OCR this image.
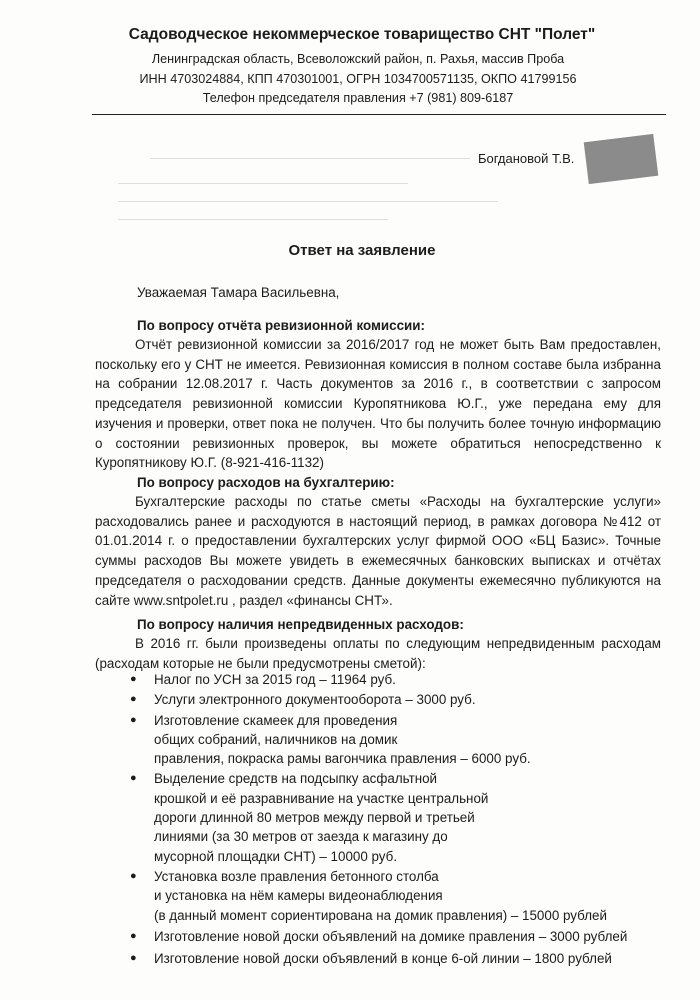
Садоводческое некоммерческое товарищество СНТ "Полет"
Ленинградская область, Всеволожский район, п. Рахья, массив Проба
ИНН 4703024884, КПП 470301001, ОГРН 1034700571135, ОКПО 41799156
Телефон председателя правления +7 (981) 809-6187
Богдановой Т.В.
Ответ на заявление
Уважаемая Тамара Васильевна,
По вопросу отчёта ревизионной комиссии:

Отчёт ревизионной комиссии за 2016/2017 год не может быть Вам предоставлен, поскольку его у СНТ не имеется. Ревизионная комиссия в полном составе была избранна на собрании 12.08.2017 г. Часть документов за 2016 г., в соответствии с запросом председателя ревизионной комиссии Куропятникова Ю.Г., уже передана ему для изучения и проверки, ответ пока не получен. Что бы получить более точную информацию о состоянии ревизионных проверок, вы можете обратиться непосредственно к Куропятникову Ю.Г. (8-921-416-1132)

По вопросу расходов на бухгалтерию:

Бухгалтерские расходы по статье сметы «Расходы на бухгалтерские услуги» расходовались ранее и расходуются в настоящий период, в рамках договора №412 от 01.01.2014 г. о предоставлении бухгалтерских услуг фирмой ООО «БЦ Базис». Точные суммы расходов Вы можете увидеть в ежемесячных банковских выписках и отчётах председателя о расходовании средств. Данные документы ежемесячно публикуются на сайте www.sntpolet.ru , раздел «финансы СНТ».

По вопросу наличия непредвиденных расходов:

В 2016 гг. были произведены оплаты по следующим непредвиденным расходам (расходам которые не были предусмотрены сметой):

● Налог по УСН за 2015 год – 11964 руб.
● Услуги электронного документооборота – 3000 руб.
● Изготовление скамеек для проведения
общих собраний, наличников на домик
правления, покраска рамы вагончика правления – 6000 руб.
● Выделение средств на подсыпку асфальтной
крошкой и её разравнивание на участке центральной
дороги длинной 80 метров между первой и третьей
линиями (за 30 метров от заезда к магазину до
мусорной площадки СНТ) – 10000 руб.
● Установка возле правления бетонного столба
и установка на нём камеры видеонаблюдения
(в данный момент сориентирована на домик правления) – 15000 рублей
● Изготовление новой доски объявлений на домике правления – 3000 рублей
● Изготовление новой доски объявлений в конце 6-ой линии – 1800 рублей
